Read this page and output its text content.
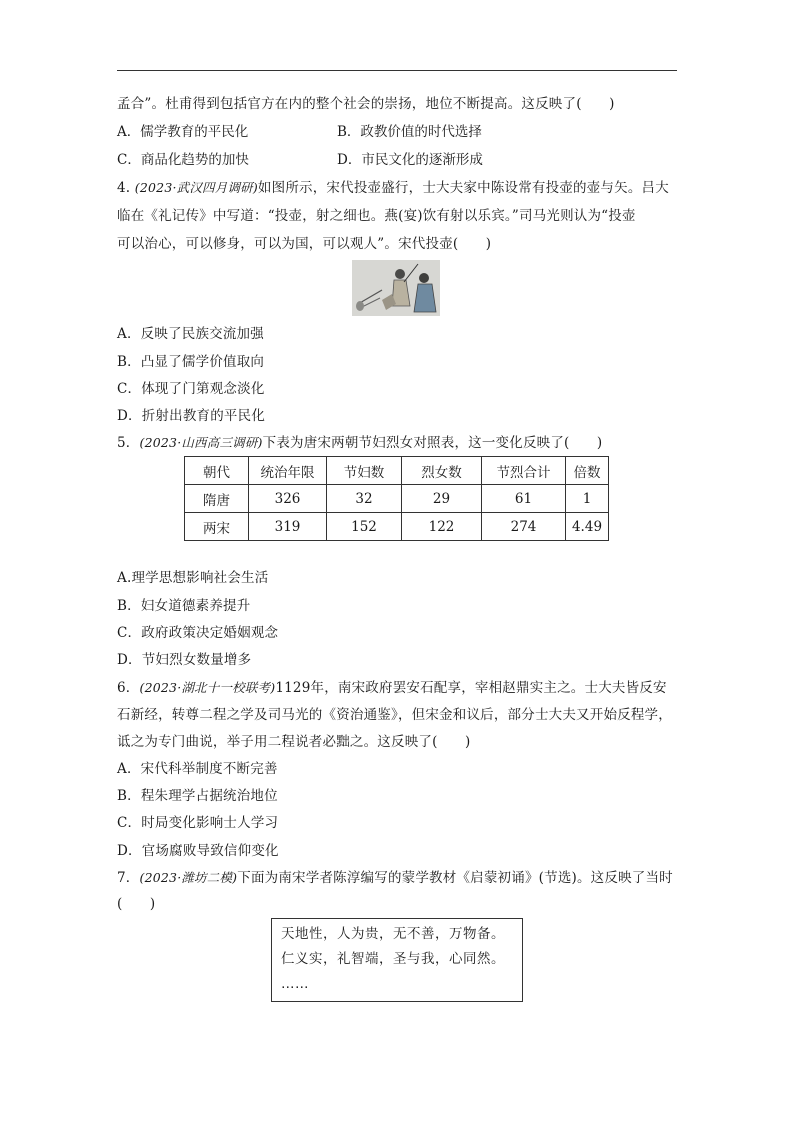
孟合”。杜甫得到包括官方在内的整个社会的崇扬，地位不断提高。这反映了(　　)
A．儒学教育的平民化	B．政教价值的时代选择
C．商品化趋势的加快	D．市民文化的逐渐形成
4. (2023·武汉四月调研)如图所示，宋代投壶盛行，士大夫家中陈设常有投壶的壶与矢。吕大
临在《礼记传》中写道：“投壶，射之细也。燕(宴)饮有射以乐宾。”司马光则认为“投壶
可以治心，可以修身，可以为国，可以观人”。宋代投壶(　　)
A．反映了民族交流加强
B．凸显了儒学价值取向
C．体现了门第观念淡化
D．折射出教育的平民化
5．(2023·山西高三调研)下表为唐宋两朝节妇烈女对照表，这一变化反映了(　　)
朝代	统治年限	节妇数	烈女数	节烈合计	倍数
隋唐	326	32	29	61	1
两宋	319	152	122	274	4.49
A.理学思想影响社会生活
B．妇女道德素养提升
C．政府政策决定婚姻观念
D．节妇烈女数量增多
6．(2023·湖北十一校联考)1129年，南宋政府罢安石配享，宰相赵鼎实主之。士大夫皆反安
石新经，转尊二程之学及司马光的《资治通鉴》，但宋金和议后，部分士大夫又开始反程学，
诋之为专门曲说，举子用二程说者必黜之。这反映了(　　)
A．宋代科举制度不断完善
B．程朱理学占据统治地位
C．时局变化影响士人学习
D．官场腐败导致信仰变化
7．(2023·潍坊二模)下面为南宋学者陈淳编写的蒙学教材《启蒙初诵》(节选)。这反映了当时
(　　)
天地性，人为贵，无不善，万物备。
仁义实，礼智端，圣与我，心同然。
……
